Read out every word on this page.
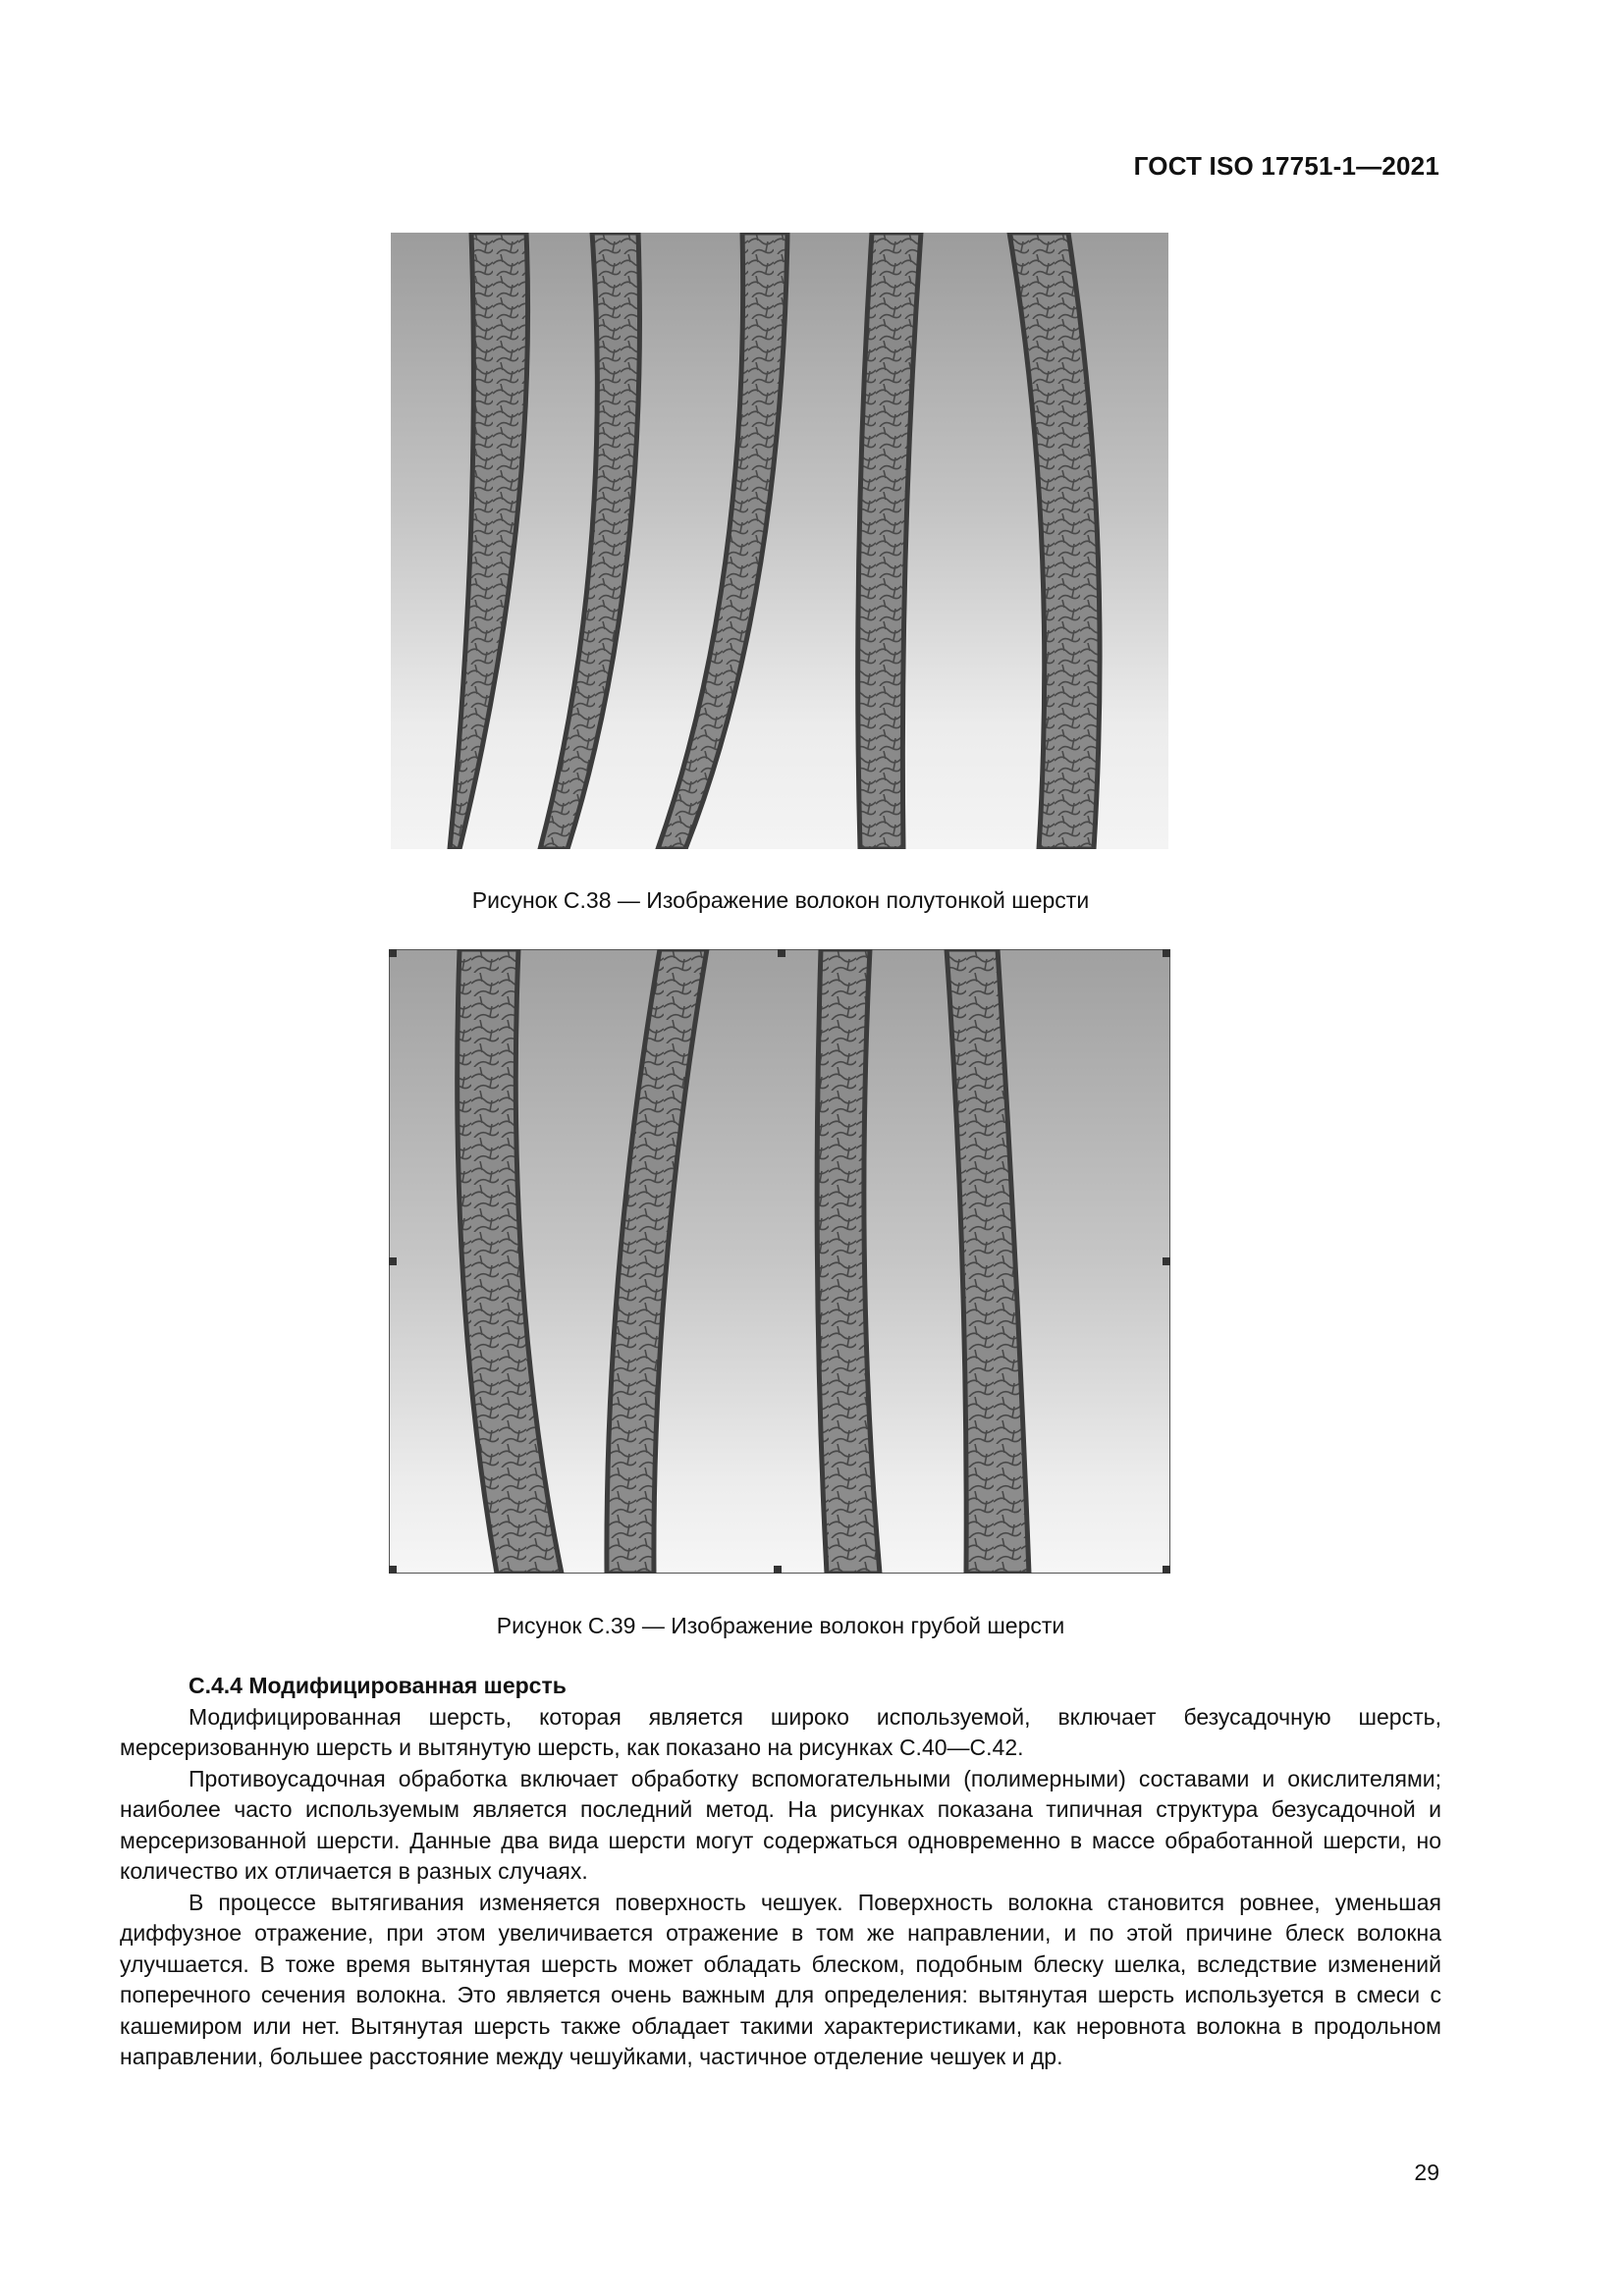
ГОСТ ISO 17751-1—2021
Рисунок С.38 — Изображение волокон полутонкой шерсти
Рисунок С.39 — Изображение волокон грубой шерсти
С.4.4 Модифицированная шерсть

Модифицированная шерсть, которая является широко используемой, включает безусадочную шерсть, мерсеризованную шерсть и вытянутую шерсть, как показано на рисунках С.40—С.42.

Противоусадочная обработка включает обработку вспомогательными (полимерными) составами и окислителями; наиболее часто используемым является последний метод. На рисунках показана типичная структура безусадочной и мерсеризованной шерсти. Данные два вида шерсти могут содержаться одновременно в массе обработанной шерсти, но количество их отличается в разных случаях.

В процессе вытягивания изменяется поверхность чешуек. Поверхность волокна становится ровнее, уменьшая диффузное отражение, при этом увеличивается отражение в том же направлении, и по этой причине блеск волокна улучшается. В тоже время вытянутая шерсть может обладать блеском, подобным блеску шелка, вследствие изменений поперечного сечения волокна. Это является очень важным для определения: вытянутая шерсть используется в смеси с кашемиром или нет. Вытянутая шерсть также обладает такими характеристиками, как неровнота волокна в продольном направлении, большее расстояние между чешуйками, частичное отделение чешуек и др.

29
